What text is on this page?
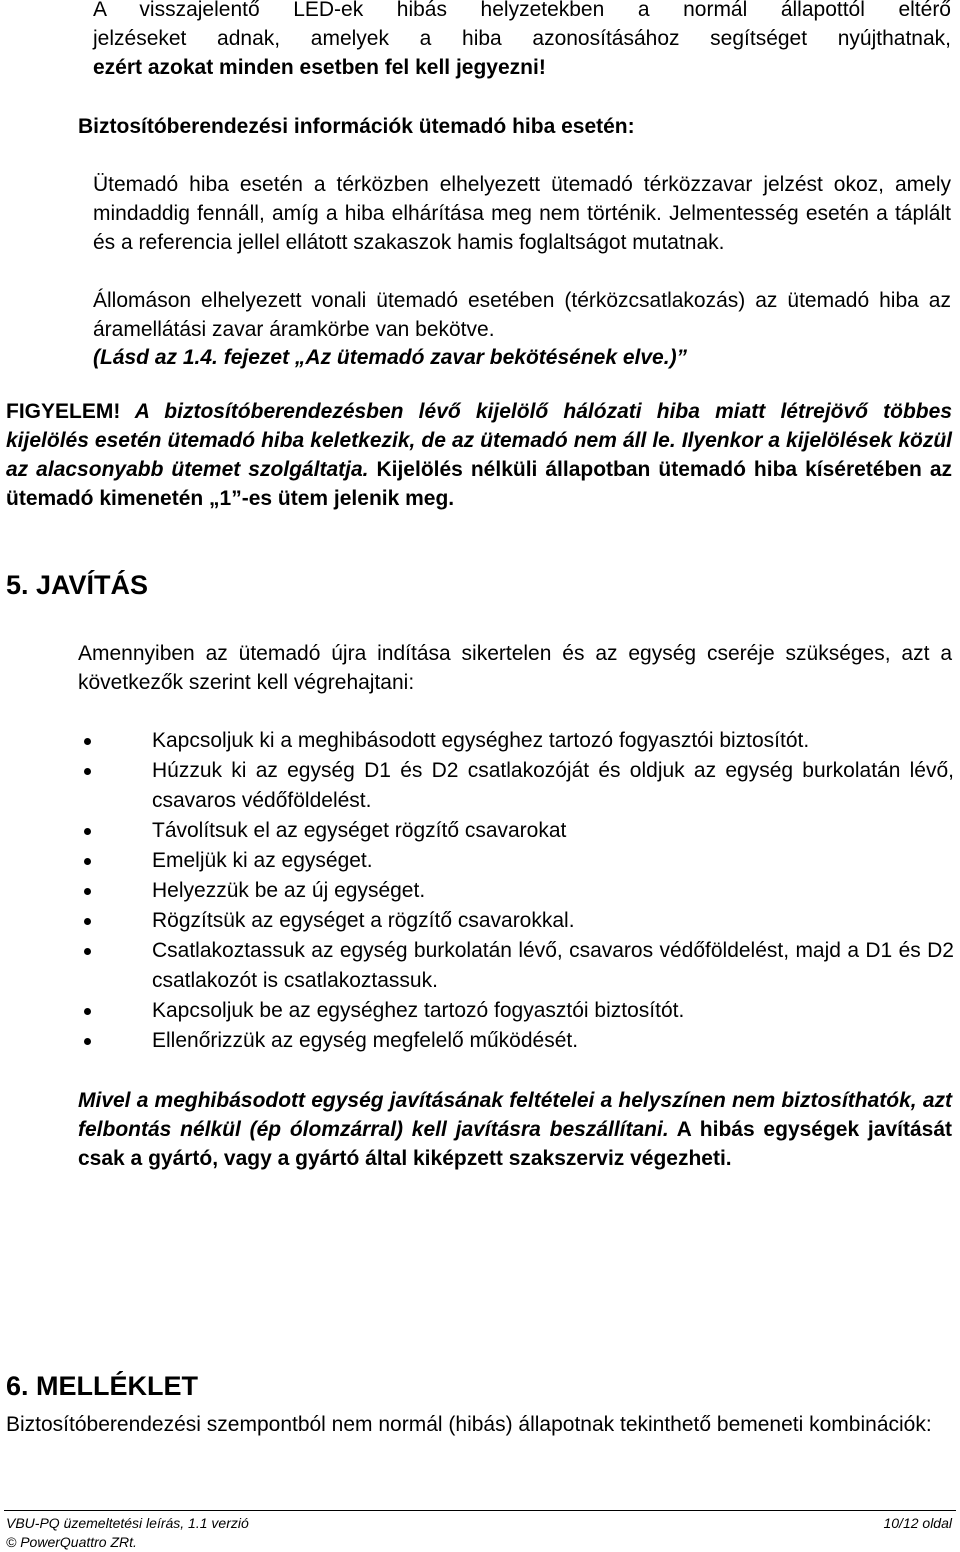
A visszajelentő LED-ek hibás helyzetekben a normál állapottól eltérő
jelzéseket adnak, amelyek a hiba azonosításához segítséget nyújthatnak,
ezért azokat minden esetben fel kell jegyezni!
Biztosítóberendezési információk ütemadó hiba esetén:
Ütemadó hiba esetén a térközben elhelyezett ütemadó térközzavar jelzést okoz, amely mindaddig fennáll, amíg a hiba elhárítása meg nem történik. Jelmentesség esetén a táplált és a referencia jellel ellátott szakaszok hamis foglaltságot mutatnak.
Állomáson elhelyezett vonali ütemadó esetében (térközcsatlakozás) az ütemadó hiba az áramellátási zavar áramkörbe van bekötve.
(Lásd az 1.4. fejezet „Az ütemadó zavar bekötésének elve.)”
FIGYELEM! A biztosítóberendezésben lévő kijelölő hálózati hiba miatt létrejövő többes kijelölés esetén ütemadó hiba keletkezik, de az ütemadó nem áll le. Ilyenkor a kijelölések közül az alacsonyabb ütemet szolgáltatja. Kijelölés nélküli állapotban ütemadó hiba kíséretében az ütemadó kimenetén „1”-es ütem jelenik meg.
5. JAVÍTÁS
Amennyiben az ütemadó újra indítása sikertelen és az egység cseréje szükséges, azt a következők szerint kell végrehajtani:
Kapcsoljuk ki a meghibásodott egységhez tartozó fogyasztói biztosítót.
Húzzuk ki az egység D1 és D2 csatlakozóját és oldjuk az egység burkolatán lévő, csavaros védőföldelést.
Távolítsuk el az egységet rögzítő csavarokat
Emeljük ki az egységet.
Helyezzük be az új egységet.
Rögzítsük az egységet a rögzítő csavarokkal.
Csatlakoztassuk az egység burkolatán lévő, csavaros védőföldelést, majd a D1 és D2 csatlakozót is csatlakoztassuk.
Kapcsoljuk be az egységhez tartozó fogyasztói biztosítót.
Ellenőrizzük az egység megfelelő működését.
Mivel a meghibásodott egység javításának feltételei a helyszínen nem biztosíthatók, azt felbontás nélkül (ép ólomzárral) kell javításra beszállítani. A hibás egységek javítását csak a gyártó, vagy a gyártó által kiképzett szakszerviz végezheti.
6. MELLÉKLET
Biztosítóberendezési szempontból nem normál (hibás) állapotnak tekinthető bemeneti kombinációk:
VBU-PQ üzemeltetési leírás, 1.1 verzió	10/12 oldal
© PowerQuattro ZRt.
